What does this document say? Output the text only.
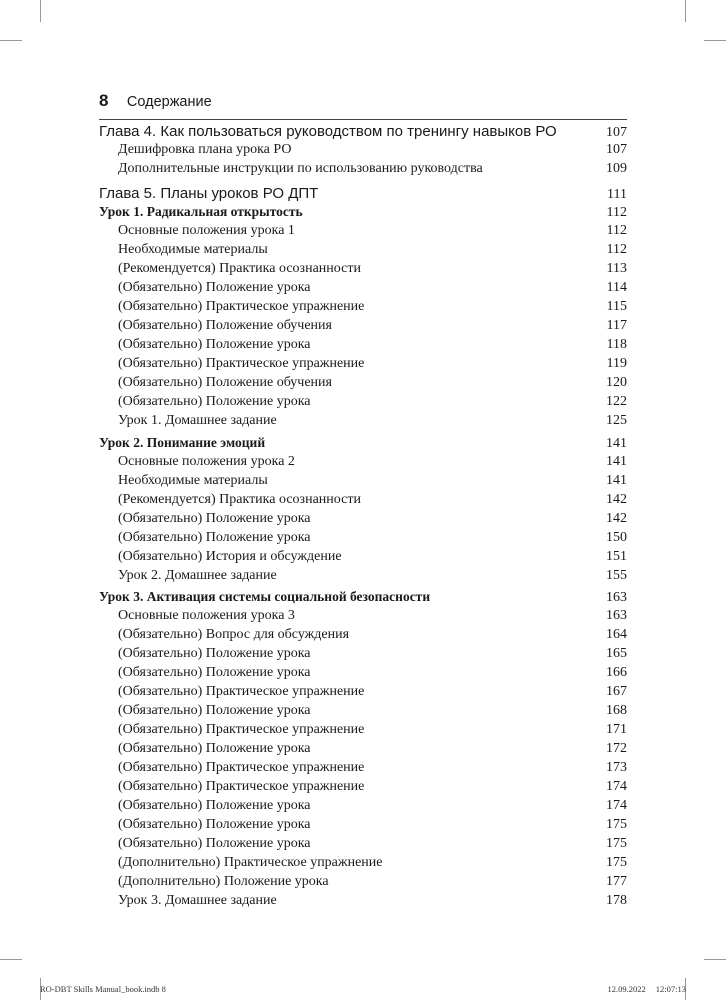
8 Содержание
Глава 4. Как пользоваться руководством по тренингу навыков РО	107
Дешифровка плана урока РО	107
Дополнительные инструкции по использованию руководства	109
Глава 5. Планы уроков РО ДПТ	111
Урок 1. Радикальная открытость	112
Основные положения урока 1	112
Необходимые материалы	112
(Рекомендуется) Практика осознанности	113
(Обязательно) Положение урока	114
(Обязательно) Практическое упражнение	115
(Обязательно) Положение обучения	117
(Обязательно) Положение урока	118
(Обязательно) Практическое упражнение	119
(Обязательно) Положение обучения	120
(Обязательно) Положение урока	122
Урок 1. Домашнее задание	125
Урок 2. Понимание эмоций	141
Основные положения урока 2	141
Необходимые материалы	141
(Рекомендуется) Практика осознанности	142
(Обязательно) Положение урока	142
(Обязательно) Положение урока	150
(Обязательно) История и обсуждение	151
Урок 2. Домашнее задание	155
Урок 3. Активация системы социальной безопасности	163
Основные положения урока 3	163
(Обязательно) Вопрос для обсуждения	164
(Обязательно) Положение урока	165
(Обязательно) Положение урока	166
(Обязательно) Практическое упражнение	167
(Обязательно) Положение урока	168
(Обязательно) Практическое упражнение	171
(Обязательно) Положение урока	172
(Обязательно) Практическое упражнение	173
(Обязательно) Практическое упражнение	174
(Обязательно) Положение урока	174
(Обязательно) Положение урока	175
(Обязательно) Положение урока	175
(Дополнительно) Практическое упражнение	175
(Дополнительно) Положение урока	177
Урок 3. Домашнее задание	178
RO-DBT Skills Manual_book.indb 8	12.09.2022 12:07:13
